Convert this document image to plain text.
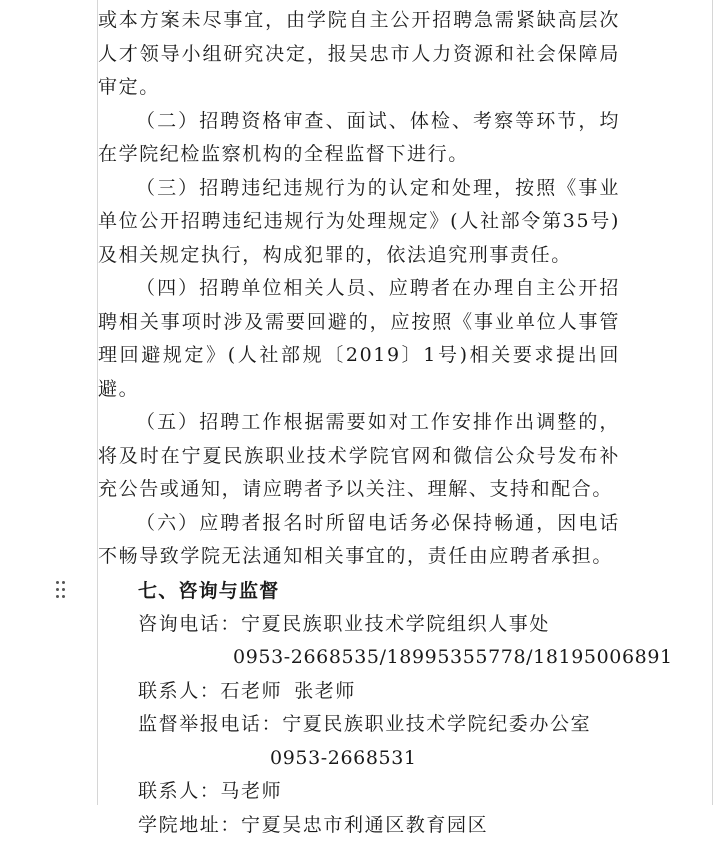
或本方案未尽事宜，由学院自主公开招聘急需紧缺高层次人才领导小组研究决定，报吴忠市人力资源和社会保障局审定。

（二）招聘资格审查、面试、体检、考察等环节，均在学院纪检监察机构的全程监督下进行。

（三）招聘违纪违规行为的认定和处理，按照《事业单位公开招聘违纪违规行为处理规定》(人社部令第35号)及相关规定执行，构成犯罪的，依法追究刑事责任。

（四）招聘单位相关人员、应聘者在办理自主公开招聘相关事项时涉及需要回避的，应按照《事业单位人事管理回避规定》(人社部规〔2019〕1号)相关要求提出回避。

（五）招聘工作根据需要如对工作安排作出调整的，将及时在宁夏民族职业技术学院官网和微信公众号发布补充公告或通知，请应聘者予以关注、理解、支持和配合。

（六）应聘者报名时所留电话务必保持畅通，因电话不畅导致学院无法通知相关事宜的，责任由应聘者承担。

七、咨询与监督

咨询电话：宁夏民族职业技术学院组织人事处

0953-2668535/18995355778/18195006891

联系人：石老师 张老师

监督举报电话：宁夏民族职业技术学院纪委办公室

0953-2668531

联系人：马老师

学院地址：宁夏吴忠市利通区教育园区
